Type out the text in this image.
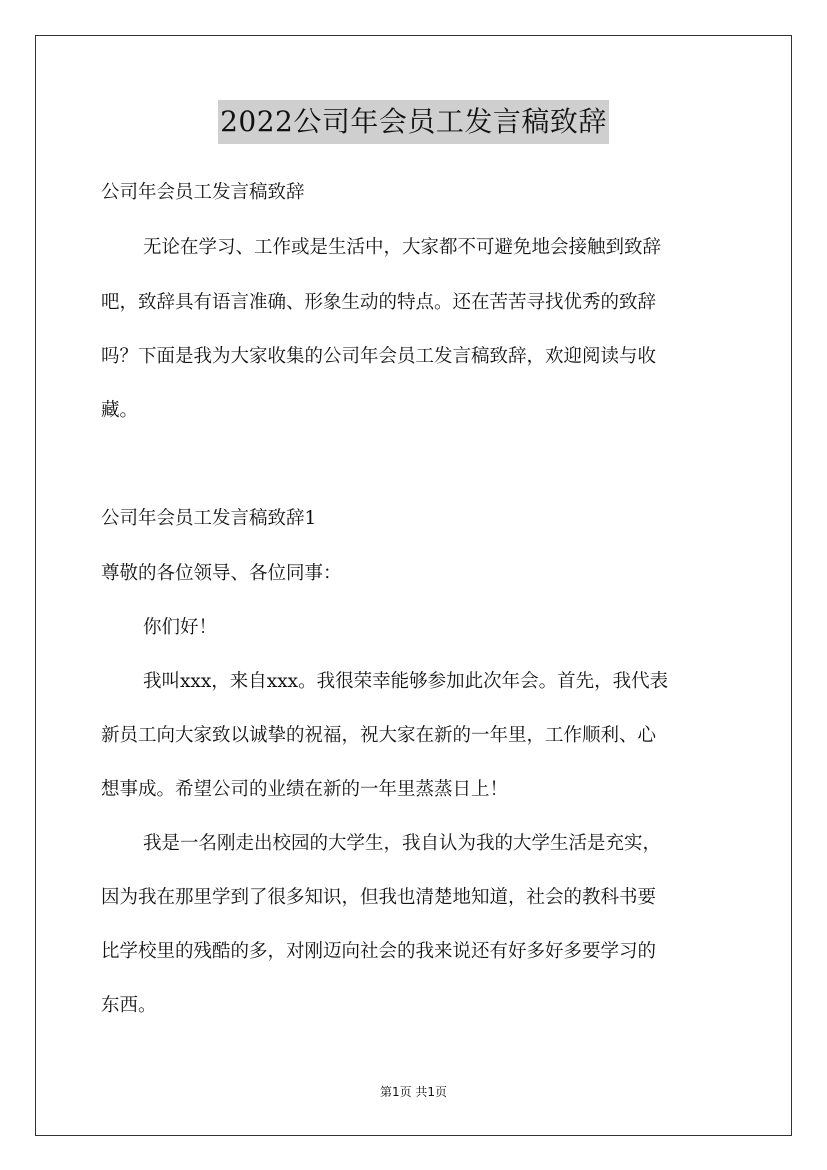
2022公司年会员工发言稿致辞
公司年会员工发言稿致辞
无论在学习、工作或是生活中，大家都不可避免地会接触到致辞
吧，致辞具有语言准确、形象生动的特点。还在苦苦寻找优秀的致辞
吗？下面是我为大家收集的公司年会员工发言稿致辞，欢迎阅读与收
藏。
公司年会员工发言稿致辞1
尊敬的各位领导、各位同事：
你们好！
我叫xxx，来自xxx。我很荣幸能够参加此次年会。首先，我代表
新员工向大家致以诚挚的祝福，祝大家在新的一年里，工作顺利、心
想事成。希望公司的业绩在新的一年里蒸蒸日上！
我是一名刚走出校园的大学生，我自认为我的大学生活是充实，
因为我在那里学到了很多知识，但我也清楚地知道，社会的教科书要
比学校里的残酷的多，对刚迈向社会的我来说还有好多好多要学习的
东西。
第1页 共1页
